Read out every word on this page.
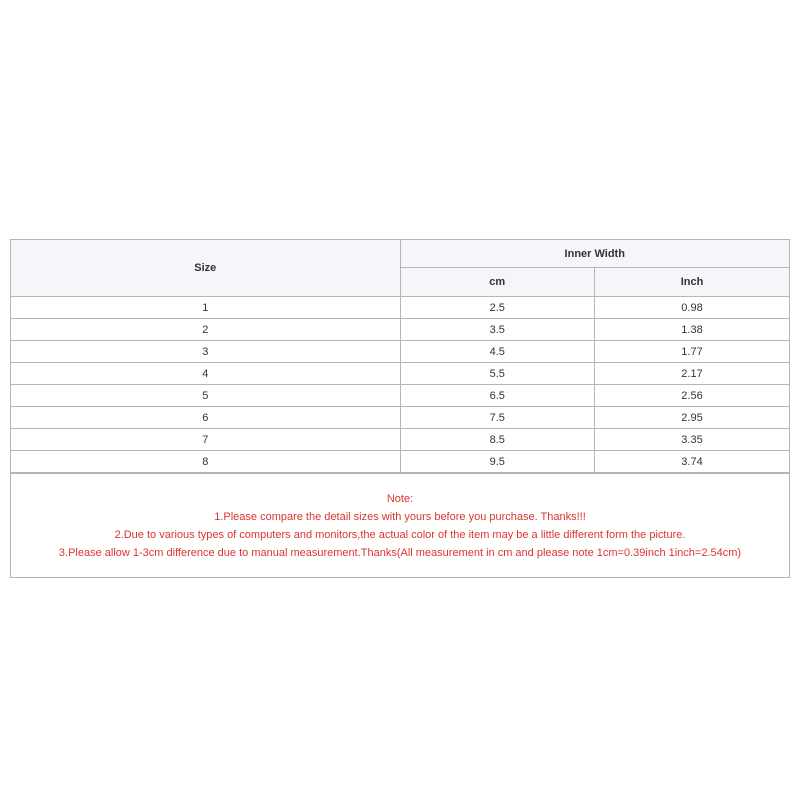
Size	Inner Width	
	cm	Inch
1	2.5	0.98
2	3.5	1.38
3	4.5	1.77
4	5.5	2.17
5	6.5	2.56
6	7.5	2.95
7	8.5	3.35
8	9.5	3.74
Note:
1.Please compare the detail sizes with yours before you purchase. Thanks!!!
2.Due to various types of computers and monitors,the actual color of the item may be a little different form the picture.
3.Please allow 1-3cm difference due to manual measurement.Thanks(All measurement in cm and please note 1cm=0.39inch 1inch=2.54cm)
